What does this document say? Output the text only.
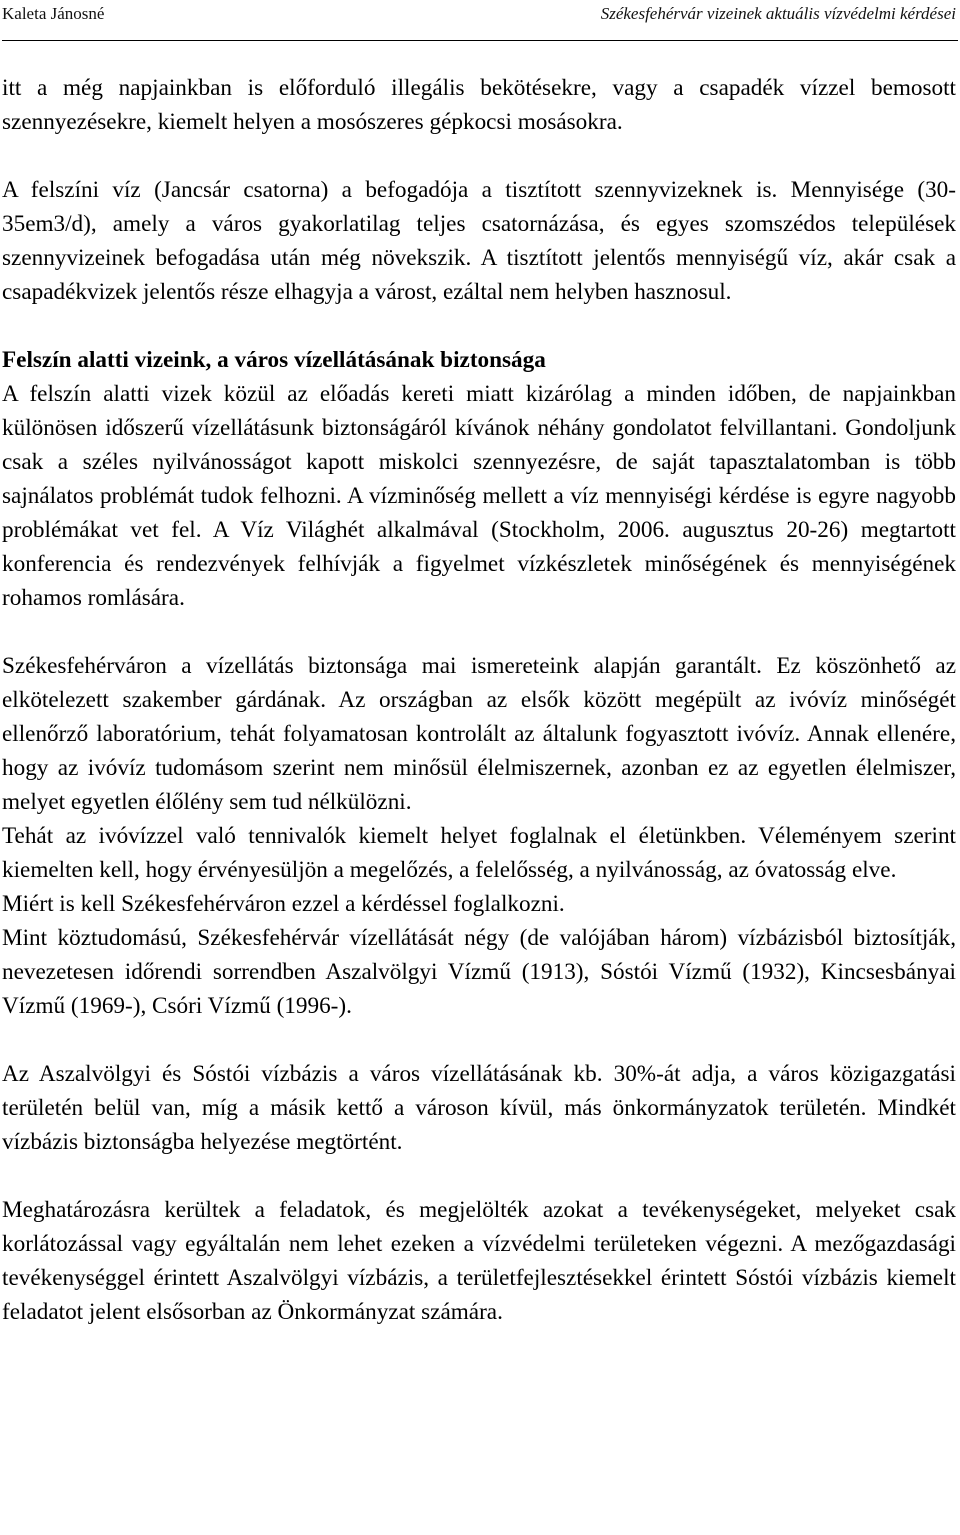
Kaleta Jánosné	Székesfehérvár vizeinek aktuális vízvédelmi kérdései

itt a még napjainkban is előforduló illegális bekötésekre, vagy a csapadék vízzel bemosott szennyezésekre, kiemelt helyen a mosószeres gépkocsi mosásokra.

A felszíni víz (Jancsár csatorna) a befogadója a tisztított szennyvizeknek is. Mennyisége (30-35em3/d), amely a város gyakorlatilag teljes csatornázása, és egyes szomszédos települések szennyvizeinek befogadása után még növekszik. A tisztított jelentős mennyiségű víz, akár csak a csapadékvizek jelentős része elhagyja a várost, ezáltal nem helyben hasznosul.

Felszín alatti vizeink, a város vízellátásának biztonsága

A felszín alatti vizek közül az előadás kereti miatt kizárólag a minden időben, de napjainkban különösen időszerű vízellátásunk biztonságáról kívánok néhány gondolatot felvillantani. Gondoljunk csak a széles nyilvánosságot kapott miskolci szennyezésre, de saját tapasztalatomban is több sajnálatos problémát tudok felhozni. A vízminőség mellett a víz mennyiségi kérdése is egyre nagyobb problémákat vet fel. A Víz Világhét alkalmával (Stockholm, 2006. augusztus 20-26) megtartott konferencia és rendezvények felhívják a figyelmet vízkészletek minőségének és mennyiségének rohamos romlására.

Székesfehérváron a vízellátás biztonsága mai ismereteink alapján garantált. Ez köszönhető az elkötelezett szakember gárdának. Az országban az elsők között megépült az ivóvíz minőségét ellenőrző laboratórium, tehát folyamatosan kontrolált az általunk fogyasztott ivóvíz. Annak ellenére, hogy az ivóvíz tudomásom szerint nem minősül élelmiszernek, azonban ez az egyetlen élelmiszer, melyet egyetlen élőlény sem tud nélkülözni.

Tehát az ivóvízzel való tennivalók kiemelt helyet foglalnak el életünkben. Véleményem szerint kiemelten kell, hogy érvényesüljön a megelőzés, a felelősség, a nyilvánosság, az óvatosság elve.

Miért is kell Székesfehérváron ezzel a kérdéssel foglalkozni.

Mint köztudomású, Székesfehérvár vízellátását négy (de valójában három) vízbázisból biztosítják, nevezetesen időrendi sorrendben Aszalvölgyi Vízmű (1913), Sóstói Vízmű (1932), Kincsesbányai Vízmű (1969-), Csóri Vízmű (1996-).

Az Aszalvölgyi és Sóstói vízbázis a város vízellátásának kb. 30%-át adja, a város közigazgatási területén belül van, míg a másik kettő a városon kívül, más önkormányzatok területén. Mindkét vízbázis biztonságba helyezése megtörtént.

Meghatározásra kerültek a feladatok, és megjelölték azokat a tevékenységeket, melyeket csak korlátozással vagy egyáltalán nem lehet ezeken a vízvédelmi területeken végezni. A mezőgazdasági tevékenységgel érintett Aszalvölgyi vízbázis, a területfejlesztésekkel érintett Sóstói vízbázis kiemelt feladatot jelent elsősorban az Önkormányzat számára.
